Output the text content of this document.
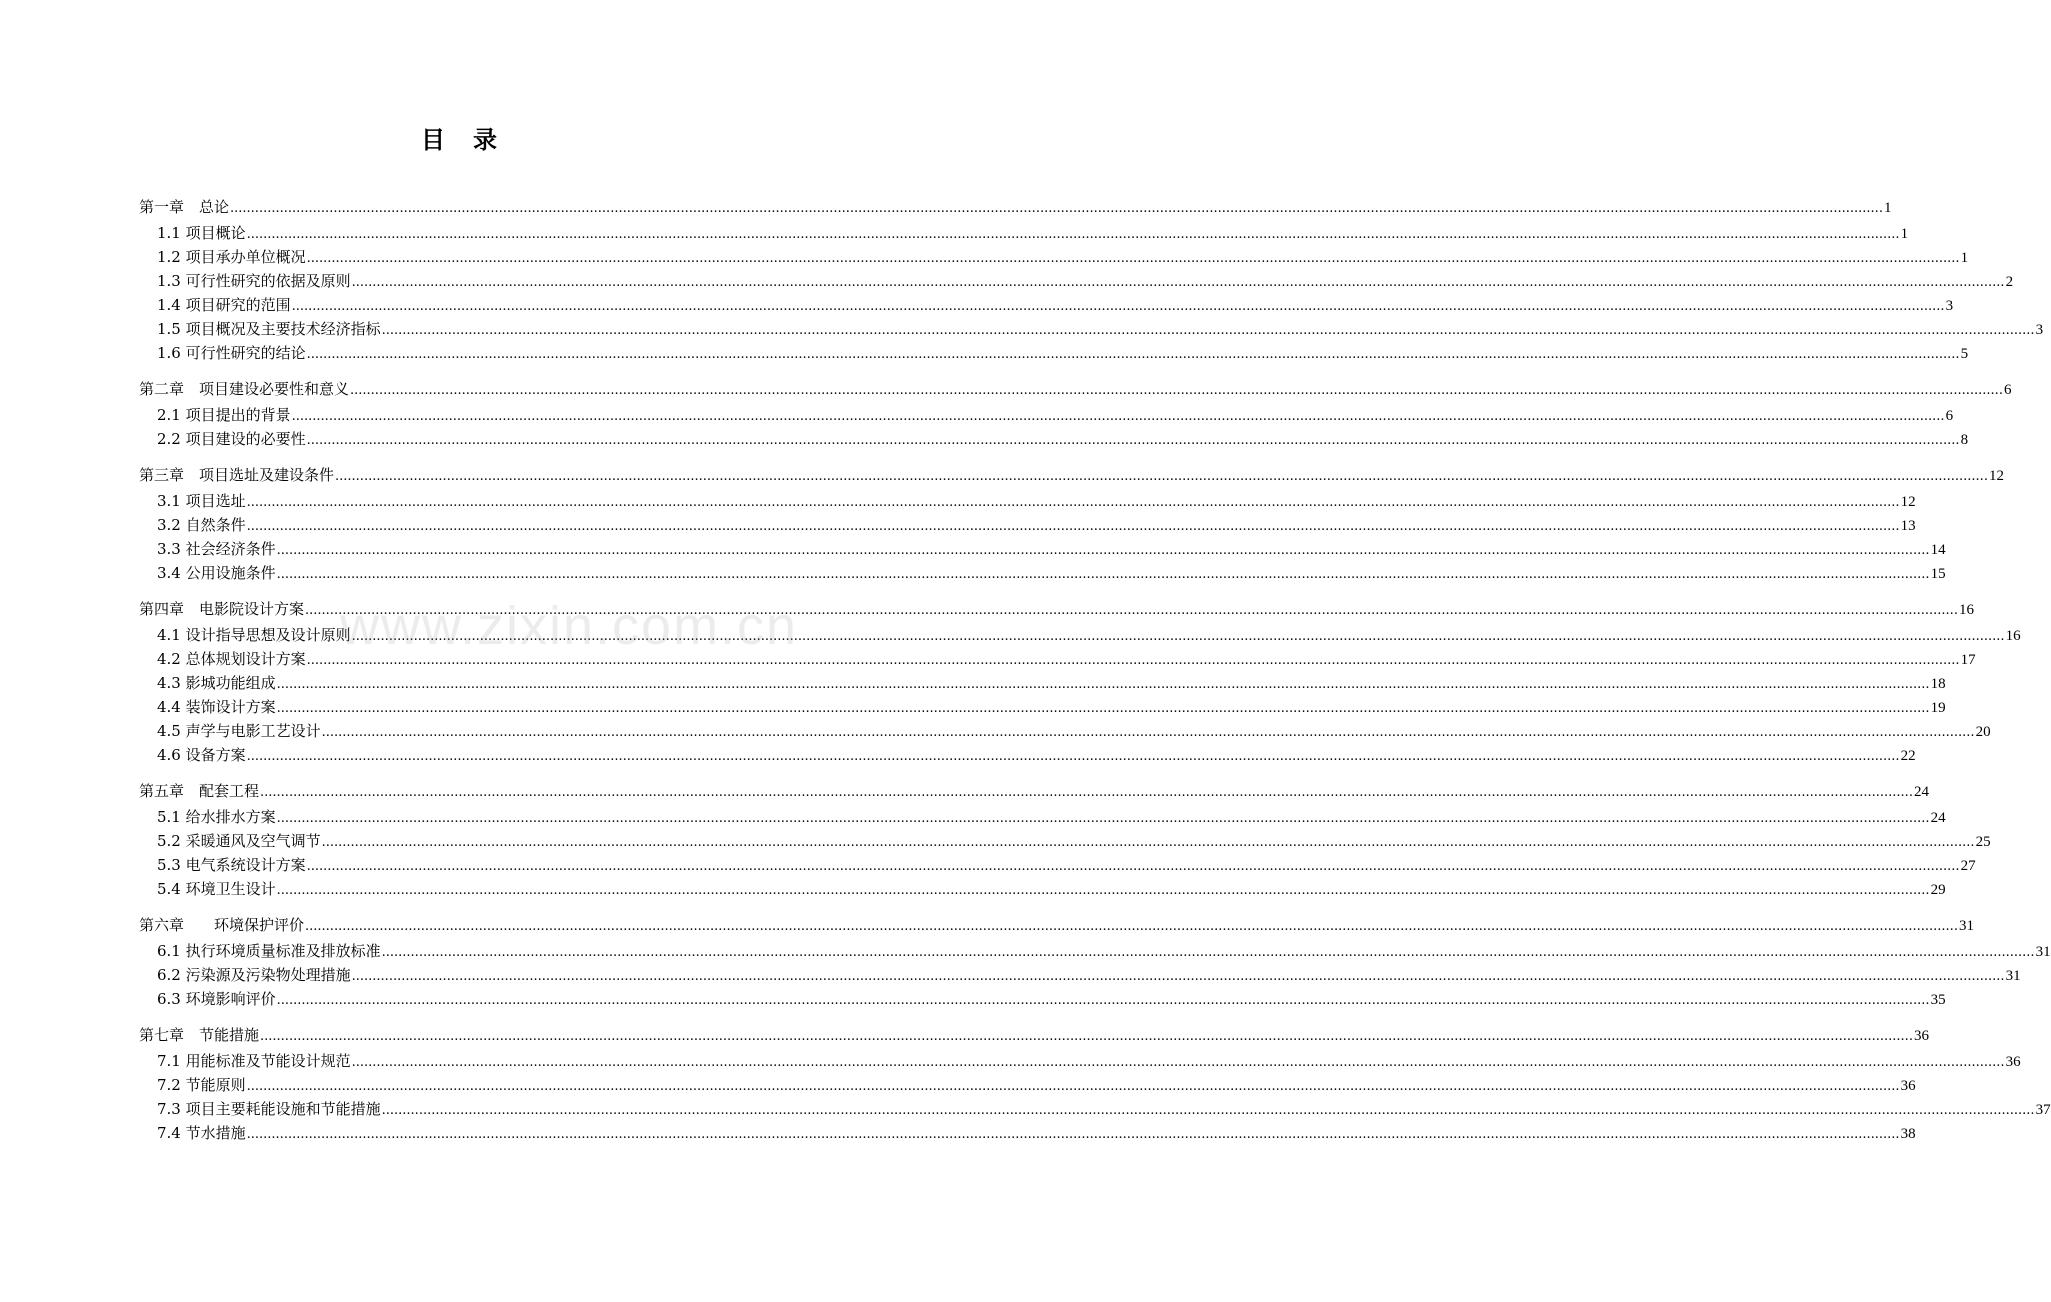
目　录
第一章　总论 ................................................................................................................................................................................................................................................................................................................................................................................................................ 1
1.1 项目概论 ................................................................................................................................................................................................................................................................................................................................................................................................................ 1
1.2 项目承办单位概况 ................................................................................................................................................................................................................................................................................................................................................................................................................ 1
1.3 可行性研究的依据及原则 ................................................................................................................................................................................................................................................................................................................................................................................................................ 2
1.4 项目研究的范围 ................................................................................................................................................................................................................................................................................................................................................................................................................ 3
1.5 项目概况及主要技术经济指标 ................................................................................................................................................................................................................................................................................................................................................................................................................ 3
1.6 可行性研究的结论 ................................................................................................................................................................................................................................................................................................................................................................................................................ 5
第二章　项目建设必要性和意义 ................................................................................................................................................................................................................................................................................................................................................................................................................ 6
2.1 项目提出的背景 ................................................................................................................................................................................................................................................................................................................................................................................................................ 6
2.2 项目建设的必要性 ................................................................................................................................................................................................................................................................................................................................................................................................................ 8
第三章　项目选址及建设条件 ................................................................................................................................................................................................................................................................................................................................................................................................................ 12
3.1 项目选址 ................................................................................................................................................................................................................................................................................................................................................................................................................ 12
3.2 自然条件 ................................................................................................................................................................................................................................................................................................................................................................................................................ 13
3.3 社会经济条件 ................................................................................................................................................................................................................................................................................................................................................................................................................ 14
3.4 公用设施条件 ................................................................................................................................................................................................................................................................................................................................................................................................................ 15
第四章　电影院设计方案 ................................................................................................................................................................................................................................................................................................................................................................................................................ 16
4.1 设计指导思想及设计原则 ................................................................................................................................................................................................................................................................................................................................................................................................................ 16
4.2 总体规划设计方案 ................................................................................................................................................................................................................................................................................................................................................................................................................ 17
4.3 影城功能组成 ................................................................................................................................................................................................................................................................................................................................................................................................................ 18
4.4 装饰设计方案 ................................................................................................................................................................................................................................................................................................................................................................................................................ 19
4.5 声学与电影工艺设计 ................................................................................................................................................................................................................................................................................................................................................................................................................ 20
4.6 设备方案 ................................................................................................................................................................................................................................................................................................................................................................................................................ 22
第五章　配套工程 ................................................................................................................................................................................................................................................................................................................................................................................................................ 24
5.1 给水排水方案 ................................................................................................................................................................................................................................................................................................................................................................................................................ 24
5.2 采暖通风及空气调节 ................................................................................................................................................................................................................................................................................................................................................................................................................ 25
5.3 电气系统设计方案 ................................................................................................................................................................................................................................................................................................................................................................................................................ 27
5.4 环境卫生设计 ................................................................................................................................................................................................................................................................................................................................................................................................................ 29
第六章　　环境保护评价 ................................................................................................................................................................................................................................................................................................................................................................................................................ 31
6.1 执行环境质量标准及排放标准 ................................................................................................................................................................................................................................................................................................................................................................................................................ 31
6.2 污染源及污染物处理措施 ................................................................................................................................................................................................................................................................................................................................................................................................................ 31
6.3 环境影响评价 ................................................................................................................................................................................................................................................................................................................................................................................................................ 35
第七章　节能措施 ................................................................................................................................................................................................................................................................................................................................................................................................................ 36
7.1 用能标准及节能设计规范 ................................................................................................................................................................................................................................................................................................................................................................................................................ 36
7.2 节能原则 ................................................................................................................................................................................................................................................................................................................................................................................................................ 36
7.3 项目主要耗能设施和节能措施 ................................................................................................................................................................................................................................................................................................................................................................................................................ 37
7.4 节水措施 ................................................................................................................................................................................................................................................................................................................................................................................................................ 38
www.zixin.com.cn
